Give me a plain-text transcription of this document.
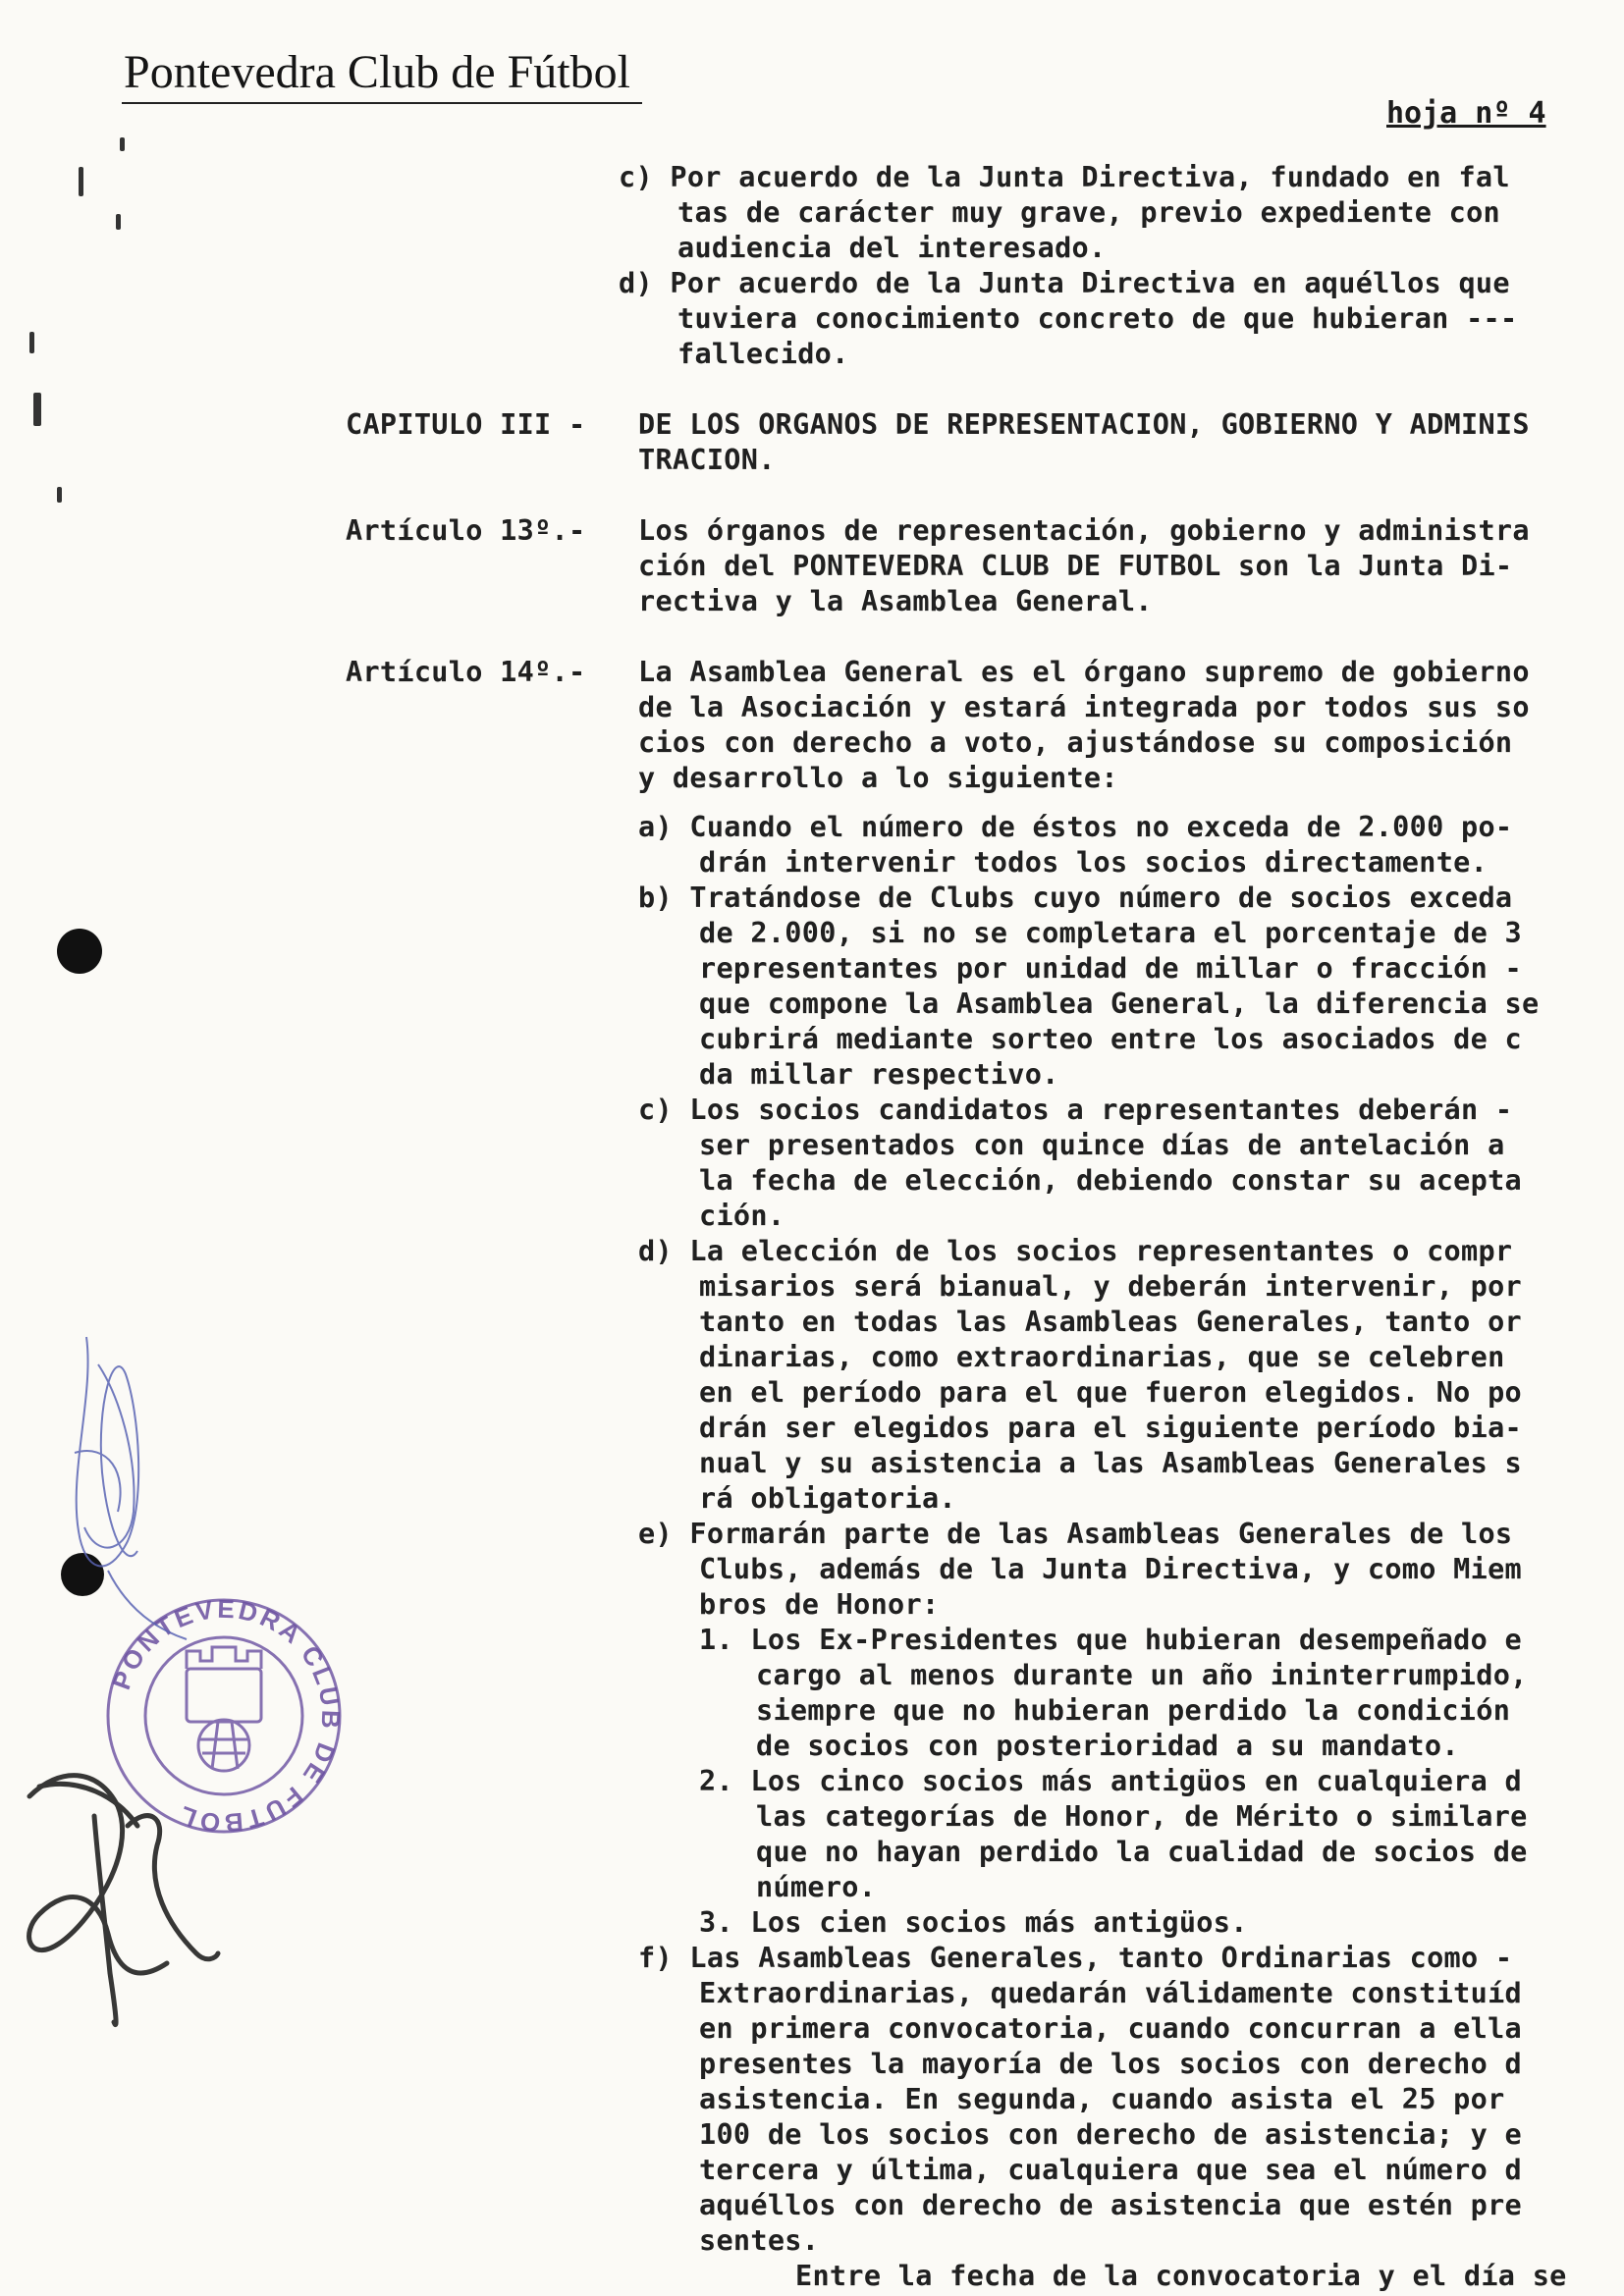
Pontevedra Club de Fútbol
hoja nº 4
c) Por acuerdo de la Junta Directiva, fundado en fal
tas de carácter muy grave, previo expediente con
audiencia del interesado.
d) Por acuerdo de la Junta Directiva en aquéllos que
tuviera conocimiento concreto de que hubieran ---
fallecido.
CAPITULO III - DE LOS ORGANOS DE REPRESENTACION, GOBIERNO Y ADMINIS
TRACION.
Artículo 13º.- Los órganos de representación, gobierno y administra
ción del PONTEVEDRA CLUB DE FUTBOL son la Junta Di-
rectiva y la Asamblea General.
Artículo 14º.- La Asamblea General es el órgano supremo de gobierno
de la Asociación y estará integrada por todos sus so
cios con derecho a voto, ajustándose su composición
y desarrollo a lo siguiente:
a) Cuando el número de éstos no exceda de 2.000 po-
drán intervenir todos los socios directamente.
b) Tratándose de Clubs cuyo número de socios exceda
de 2.000, si no se completara el porcentaje de 3
representantes por unidad de millar o fracción -
que compone la Asamblea General, la diferencia se
cubrirá mediante sorteo entre los asociados de c
da millar respectivo.
c) Los socios candidatos a representantes deberán -
ser presentados con quince días de antelación a
la fecha de elección, debiendo constar su acepta
ción.
d) La elección de los socios representantes o compr
misarios será bianual, y deberán intervenir, por
tanto en todas las Asambleas Generales, tanto or
dinarias, como extraordinarias, que se celebren
en el período para el que fueron elegidos. No po
drán ser elegidos para el siguiente período bia-
nual y su asistencia a las Asambleas Generales s
rá obligatoria.
e) Formarán parte de las Asambleas Generales de los
Clubs, además de la Junta Directiva, y como Miem
bros de Honor:
1. Los Ex-Presidentes que hubieran desempeñado e
cargo al menos durante un año ininterrumpido,
siempre que no hubieran perdido la condición
de socios con posterioridad a su mandato.
2. Los cinco socios más antigüos en cualquiera d
las categorías de Honor, de Mérito o similare
que no hayan perdido la cualidad de socios de
número.
3. Los cien socios más antigüos.
f) Las Asambleas Generales, tanto Ordinarias como -
Extraordinarias, quedarán válidamente constituíd
en primera convocatoria, cuando concurran a ella
presentes la mayoría de los socios con derecho d
asistencia. En segunda, cuando asista el 25 por
100 de los socios con derecho de asistencia; y e
tercera y última, cualquiera que sea el número d
aquéllos con derecho de asistencia que estén pre
sentes.
Entre la fecha de la convocatoria y el día se
PONTEVEDRA CLUB DE FUTBOL
